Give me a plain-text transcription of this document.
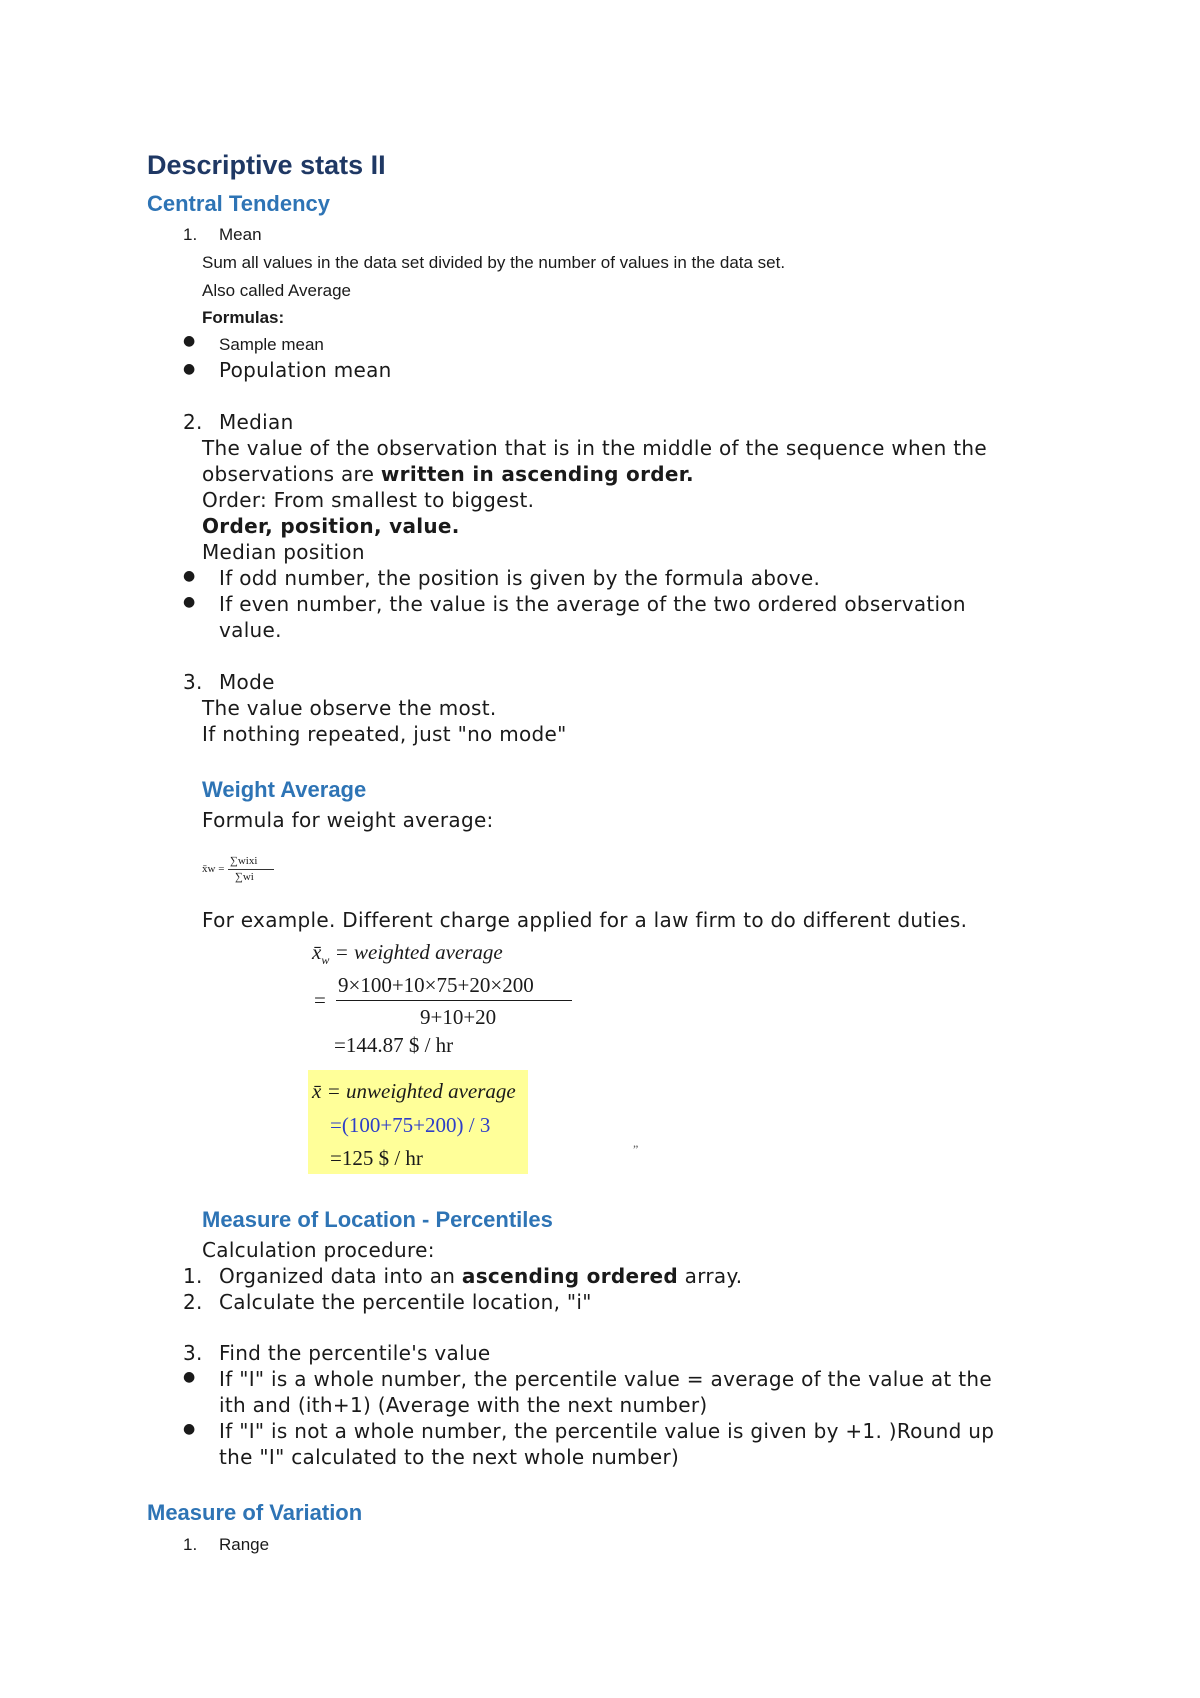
Descriptive stats II
Central Tendency
1. Mean
Sum all values in the data set divided by the number of values in the data set.
Also called Average
Formulas:
● Sample mean
● Population mean
2. Median
The value of the observation that is in the middle of the sequence when the
observations are written in ascending order.
Order: From smallest to biggest.
Order, position, value.
Median position
● If odd number, the position is given by the formula above.
● If even number, the value is the average of the two ordered observation
value.
3. Mode
The value observe the most.
If nothing repeated, just "no mode"
Weight Average
Formula for weight average:
x̄w =
∑wixi
∑wi
For example. Different charge applied for a law firm to do different duties.
$x̄_w$ = weighted average
9×100+10×75+20×200
=
9+10+20
=144.87 $ / hr
x̄ = unweighted average
=(100+75+200) / 3
=125 $ / hr	”
Measure of Location - Percentiles
Calculation procedure:
1. Organized data into an ascending ordered array.
2. Calculate the percentile location, "i"
3. Find the percentile's value
● If "I" is a whole number, the percentile value = average of the value at the
ith and (ith+1) (Average with the next number)
● If "I" is not a whole number, the percentile value is given by +1. )Round up
the "I" calculated to the next whole number)
Measure of Variation
1. Range
